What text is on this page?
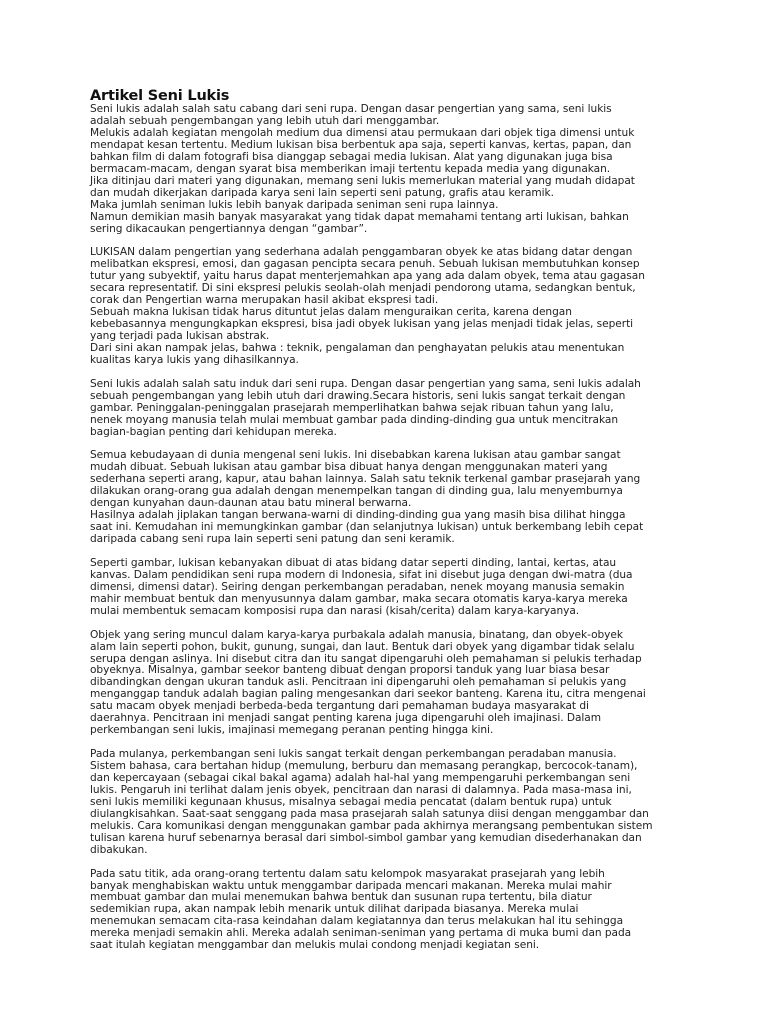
Artikel Seni Lukis
Seni lukis adalah salah satu cabang dari seni rupa. Dengan dasar pengertian yang sama, seni lukis
adalah sebuah pengembangan yang lebih utuh dari menggambar.
Melukis adalah kegiatan mengolah medium dua dimensi atau permukaan dari objek tiga dimensi untuk
mendapat kesan tertentu. Medium lukisan bisa berbentuk apa saja, seperti kanvas, kertas, papan, dan
bahkan film di dalam fotografi bisa dianggap sebagai media lukisan. Alat yang digunakan juga bisa
bermacam-macam, dengan syarat bisa memberikan imaji tertentu kepada media yang digunakan.
Jika ditinjau dari materi yang digunakan, memang seni lukis memerlukan material yang mudah didapat
dan mudah dikerjakan daripada karya seni lain seperti seni patung, grafis atau keramik.
Maka jumlah seniman lukis lebih banyak daripada seniman seni rupa lainnya.
Namun demikian masih banyak masyarakat yang tidak dapat memahami tentang arti lukisan, bahkan
sering dikacaukan pengertiannya dengan “gambar”.
LUKISAN dalam pengertian yang sederhana adalah penggambaran obyek ke atas bidang datar dengan
melibatkan ekspresi, emosi, dan gagasan pencipta secara penuh. Sebuah lukisan membutuhkan konsep
tutur yang subyektif, yaitu harus dapat menterjemahkan apa yang ada dalam obyek, tema atau gagasan
secara representatif. Di sini ekspresi pelukis seolah-olah menjadi pendorong utama, sedangkan bentuk,
corak dan Pengertian warna merupakan hasil akibat ekspresi tadi.
Sebuah makna lukisan tidak harus dituntut jelas dalam menguraikan cerita, karena dengan
kebebasannya mengungkapkan ekspresi, bisa jadi obyek lukisan yang jelas menjadi tidak jelas, seperti
yang terjadi pada lukisan abstrak.
Dari sini akan nampak jelas, bahwa : teknik, pengalaman dan penghayatan pelukis atau menentukan
kualitas karya lukis yang dihasilkannya.
Seni lukis adalah salah satu induk dari seni rupa. Dengan dasar pengertian yang sama, seni lukis adalah
sebuah pengembangan yang lebih utuh dari drawing.Secara historis, seni lukis sangat terkait dengan
gambar. Peninggalan-peninggalan prasejarah memperlihatkan bahwa sejak ribuan tahun yang lalu,
nenek moyang manusia telah mulai membuat gambar pada dinding-dinding gua untuk mencitrakan
bagian-bagian penting dari kehidupan mereka.
Semua kebudayaan di dunia mengenal seni lukis. Ini disebabkan karena lukisan atau gambar sangat
mudah dibuat. Sebuah lukisan atau gambar bisa dibuat hanya dengan menggunakan materi yang
sederhana seperti arang, kapur, atau bahan lainnya. Salah satu teknik terkenal gambar prasejarah yang
dilakukan orang-orang gua adalah dengan menempelkan tangan di dinding gua, lalu menyemburnya
dengan kunyahan daun-daunan atau batu mineral berwarna.
Hasilnya adalah jiplakan tangan berwana-warni di dinding-dinding gua yang masih bisa dilihat hingga
saat ini. Kemudahan ini memungkinkan gambar (dan selanjutnya lukisan) untuk berkembang lebih cepat
daripada cabang seni rupa lain seperti seni patung dan seni keramik.
Seperti gambar, lukisan kebanyakan dibuat di atas bidang datar seperti dinding, lantai, kertas, atau
kanvas. Dalam pendidikan seni rupa modern di Indonesia, sifat ini disebut juga dengan dwi-matra (dua
dimensi, dimensi datar). Seiring dengan perkembangan peradaban, nenek moyang manusia semakin
mahir membuat bentuk dan menyusunnya dalam gambar, maka secara otomatis karya-karya mereka
mulai membentuk semacam komposisi rupa dan narasi (kisah/cerita) dalam karya-karyanya.
Objek yang sering muncul dalam karya-karya purbakala adalah manusia, binatang, dan obyek-obyek
alam lain seperti pohon, bukit, gunung, sungai, dan laut. Bentuk dari obyek yang digambar tidak selalu
serupa dengan aslinya. Ini disebut citra dan itu sangat dipengaruhi oleh pemahaman si pelukis terhadap
obyeknya. Misalnya, gambar seekor banteng dibuat dengan proporsi tanduk yang luar biasa besar
dibandingkan dengan ukuran tanduk asli. Pencitraan ini dipengaruhi oleh pemahaman si pelukis yang
menganggap tanduk adalah bagian paling mengesankan dari seekor banteng. Karena itu, citra mengenai
satu macam obyek menjadi berbeda-beda tergantung dari pemahaman budaya masyarakat di
daerahnya. Pencitraan ini menjadi sangat penting karena juga dipengaruhi oleh imajinasi. Dalam
perkembangan seni lukis, imajinasi memegang peranan penting hingga kini.
Pada mulanya, perkembangan seni lukis sangat terkait dengan perkembangan peradaban manusia.
Sistem bahasa, cara bertahan hidup (memulung, berburu dan memasang perangkap, bercocok-tanam),
dan kepercayaan (sebagai cikal bakal agama) adalah hal-hal yang mempengaruhi perkembangan seni
lukis. Pengaruh ini terlihat dalam jenis obyek, pencitraan dan narasi di dalamnya. Pada masa-masa ini,
seni lukis memiliki kegunaan khusus, misalnya sebagai media pencatat (dalam bentuk rupa) untuk
diulangkisahkan. Saat-saat senggang pada masa prasejarah salah satunya diisi dengan menggambar dan
melukis. Cara komunikasi dengan menggunakan gambar pada akhirnya merangsang pembentukan sistem
tulisan karena huruf sebenarnya berasal dari simbol-simbol gambar yang kemudian disederhanakan dan
dibakukan.
Pada satu titik, ada orang-orang tertentu dalam satu kelompok masyarakat prasejarah yang lebih
banyak menghabiskan waktu untuk menggambar daripada mencari makanan. Mereka mulai mahir
membuat gambar dan mulai menemukan bahwa bentuk dan susunan rupa tertentu, bila diatur
sedemikian rupa, akan nampak lebih menarik untuk dilihat daripada biasanya. Mereka mulai
menemukan semacam cita-rasa keindahan dalam kegiatannya dan terus melakukan hal itu sehingga
mereka menjadi semakin ahli. Mereka adalah seniman-seniman yang pertama di muka bumi dan pada
saat itulah kegiatan menggambar dan melukis mulai condong menjadi kegiatan seni.
